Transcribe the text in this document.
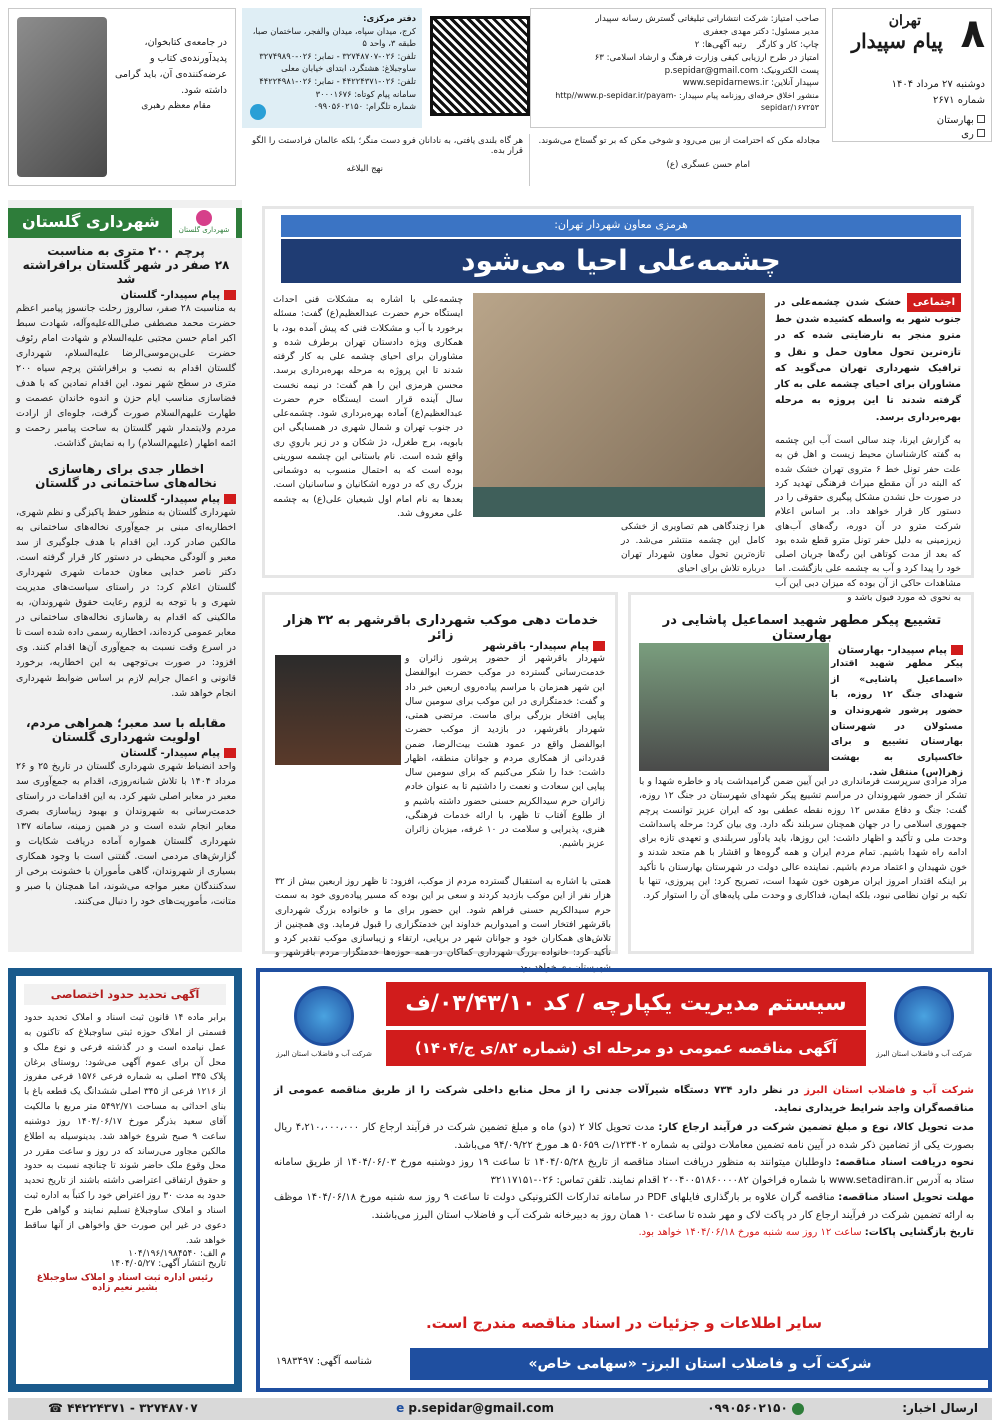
۸
تهران
پیام سپیدار
دوشنبه ۲۷ مرداد ۱۴۰۴
شماره ۲۶۷۱
بهارستان
ری
صاحب امتیاز: شرکت انتشاراتی تبلیغاتی گسترش رسانه سپیدار
مدیر مسئول: دکتر مهدی جعفری
چاپ: کار و کارگر    رتبه آگهی‌ها: ۲
امتیاز در طرح ارزیابی کیفی وزارت فرهنگ و ارشاد اسلامی: ۶۳
پست الکترونیک: p.sepidar@gmail.com
سپیدار آنلاین: www.sepidarnews.ir
منشور اخلاق حرفه‌ای روزنامه پیام سپیدار: http//www.p-sepidar.ir/payam-sepidar/۱۶۷۲۵۳
دفتر مرکزی:
کرج، میدان سپاه، میدان والفجر، ساختمان صبا، طبقه ۳، واحد ۵
تلفن: ۰۲۶-۳۲۷۴۸۷۰۷ - نمابر: ۰۲۶-۳۲۷۴۹۸۹۰
ساوجبلاغ: هشتگرد، ابتدای خیابان معلی
تلفن: ۰۲۶-۴۴۲۲۴۳۷۱ - نمابر: ۰۲۶-۴۴۲۲۴۹۸۱
سامانه پیام کوتاه: ۳۰۰۰۱۶۷۶
شماره تلگرام: ۰۹۹۰۵۶۰۲۱۵۰
در جامعه‌ی کتابخوان، پدیدآورنده‌ی کتاب و عرضه‌کننده‌ی آن، باید گرامی داشته شود.
مقام معظم رهبری
مجادله مکن که احترامت از بین می‌رود و شوخی مکن که بر تو گستاخ می‌شوند.
امام حسن عسگری (ع)
هر گاه بلندی یافتی، به نادانان فرو دست منگر؛ بلکه عالمان فرادستت را الگو قرار بده.
نهج البلاغه
شهرداری گلستان	شهرداری گلستان
پرچم ۲۰۰ متری به مناسبت
۲۸ صفر در شهر گلستان برافراشته شد
پیام سپیدار- گلستان
به مناسبت ۲۸ صفر، سالروز رحلت جانسوز پیامبر اعظم حضرت محمد مصطفی صلی‌الله‌علیه‌وآله، شهادت سبط اکبر امام حسن مجتبی علیه‌السلام و شهادت امام رئوف حضرت علی‌بن‌موسی‌الرضا علیه‌السلام، شهرداری گلستان اقدام به نصب و برافراشتن پرچم سیاه ۲۰۰ متری در سطح شهر نمود. این اقدام نمادین که با هدف فضاسازی مناسب ایام حزن و اندوه خاندان عصمت و طهارت علیهم‌السلام صورت گرفت، جلوه‌ای از ارادت مردم ولایتمدار شهر گلستان به ساحت پیامبر رحمت و ائمه اطهار (علیهم‌السلام) را به نمایش گذاشت.
اخطار جدی برای رهاسازی
نخاله‌های ساختمانی در گلستان
پیام سپیدار- گلستان
شهرداری گلستان به منظور حفظ پاکیزگی و نظم شهری، اخطاریه‌ای مبنی بر جمع‌آوری نخاله‌های ساختمانی به مالکین صادر کرد. این اقدام با هدف جلوگیری از سد معبر و آلودگی محیطی در دستور کار قرار گرفته است. دکتر ناصر خدایی معاون خدمات شهری شهرداری گلستان اعلام کرد: در راستای سیاست‌های مدیریت شهری و با توجه به لزوم رعایت حقوق شهروندان، به مالکینی که اقدام به رهاسازی نخاله‌های ساختمانی در معابر عمومی کرده‌اند، اخطاریه رسمی داده شده است تا در اسرع وقت نسبت به جمع‌آوری آن‌ها اقدام کنند. وی افزود: در صورت بی‌توجهی به این اخطاریه، برخورد قانونی و اعمال جرایم لازم بر اساس ضوابط شهرداری انجام خواهد شد.
مقابله با سد معبر؛ همراهی مردم،
اولویت شهرداری گلستان
پیام سپیدار- گلستان
واحد انضباط شهری شهرداری گلستان در تاریخ ۲۵ و ۲۶ مرداد ۱۴۰۴ با تلاش شبانه‌روزی، اقدام به جمع‌آوری سد معبر در معابر اصلی شهر کرد. به این اقدامات در راستای خدمت‌رسانی به شهروندان و بهبود زیباسازی بصری معابر انجام شده است و در همین زمینه، سامانه ۱۳۷ شهرداری گلستان همواره آماده دریافت شکایات و گزارش‌های مردمی است. گفتنی است با وجود همکاری بسیاری از شهروندان، گاهی مأموران با خشونت برخی از سدکنندگان معبر مواجه می‌شوند، اما همچنان با صبر و متانت، مأموریت‌های خود را دنبال می‌کنند.
هرمزی معاون شهردار تهران:
چشمه‌علی احیا می‌شود
اجتماعی خشک شدن چشمه‌علی در جنوب شهر به واسطه کشیده شدن خط مترو منجر به نارضایتی شده که در تازه‌ترین تحول معاون حمل و نقل و ترافیک شهرداری تهران می‌گوید که مشاوران برای احیای چشمه علی به کار گرفته شدند تا این پروژه به مرحله بهره‌برداری برسد.
به گزارش ایرنا، چند سالی است آب این چشمه به گفته کارشناسان محیط زیست و اهل فن به علت حفر تونل خط ۶ متروی تهران خشک شده که البته در آن مقطع میراث فرهنگی تهدید کرد در صورت حل نشدن مشکل پیگیری حقوقی را در دستور کار قرار خواهد داد. بر اساس اعلام شرکت مترو در آن دوره، رگه‌های آب‌های زیرزمینی به دلیل حفر تونل مترو قطع شده بود که بعد از مدت کوتاهی این رگه‌ها جریان اصلی خود را پیدا کرد و آب به چشمه علی بازگشت. اما مشاهدات حاکی از آن بوده که میزان دبی این آب به نحوی که مورد قبول باشد و
هرا زچندگاهی هم تصاویری از خشکی کامل این چشمه منتشر می‌شد. در تازه‌ترین تحول معاون شهردار تهران درباره تلاش برای احیای
چشمه‌علی با اشاره به مشکلات فنی احداث ایستگاه حرم حضرت عبدالعظیم(ع) گفت: مسئله برخورد با آب و مشکلات فنی که پیش آمده بود، با همکاری ویژه دادستان تهران برطرف شده و مشاوران برای احیای چشمه علی به کار گرفته شدند تا این پروژه به مرحله بهره‌برداری برسد. محسن هرمزی این را هم گفت: در نیمه نخست سال آینده قرار است ایستگاه حرم حضرت عبدالعظیم(ع) آماده بهره‌برداری شود. چشمه‌علی در جنوب تهران و شمال شهری در همسایگی ابن بابویه، برج طغرل، دژ شکان و در زیر بارویِ ری واقع شده است. نام باستانی این چشمه سورینی بوده است که به احتمال منسوب به دوشمانی بزرگ ری که در دوره اشکانیان و ساسانیان است. بعدها به نام امام اول شیعیان علی(ع) به چشمه علی معروف شد.
تشییع پیکر مطهر شهید اسماعیل پاشایی در بهارستان
پیام سپیدار- بهارستان
پیکر مطهر شهید اقتدار «اسماعیل پاشایی» از شهدای جنگ ۱۲ روزه، با حضور پرشور شهروندان و مسئولان در شهرستان بهارستان تشییع و برای خاکسپاری به بهشت زهرا(س) منتقل شد.
مراد مرادی سرپرست فرمانداری در این آیین ضمن گرامیداشت یاد و خاطره شهدا و با تشکر از حضور شهروندان در مراسم تشییع پیکر شهدای شهرستان در جنگ ۱۲ روزه، گفت: جنگ و دفاع مقدس ۱۲ روزه نقطه عطفی بود که ایران عزیز توانست پرچم جمهوری اسلامی را در جهان همچنان سربلند نگه دارد. وی بیان کرد: مرحله پاسداشت وحدت ملی و تأکید و اظهار داشت: این روزها، باید یادآور سربلندی و تعهدی تازه برای ادامه راه شهدا باشیم. تمام مردم ایران و همه گروه‌ها و اقشار با هم متحد شدند و خون شهیدان و اعتماد مردم باشیم. نماینده عالی دولت در شهرستان بهارستان با تأکید بر اینکه اقتدار امروز ایران مرهون خون شهدا است، تصریح کرد: این پیروزی، تنها با تکیه بر توان نظامی نبود، بلکه ایمان، فداکاری و وحدت ملی پایه‌های آن را استوار کرد.
خدمات دهی موکب شهرداری باقرشهر به ۳۲ هزار زائر
پیام سپیدار- باقرشهر
شهردار باقرشهر از حضور پرشور زائران و خدمت‌رسانی گسترده در موکب حضرت ابوالفضل این شهر همزمان با مراسم پیاده‌روی اربعین خبر داد و گفت: خدمتگزاری در این موکب برای سومین سال پیاپی افتخار بزرگی برای ماست. مرتضی همتی، شهردار باقرشهر، در بازدید از موکب حضرت ابوالفضل واقع در عمود هشت بیت‌الرضا، ضمن قدردانی از همکاری مردم و جوانان منطقه، اظهار داشت: خدا را شکر می‌کنیم که برای سومین سال پیاپی این سعادت و نعمت را داشتیم تا به عنوان خادم زائران حرم سیدالکریم حسنی حضور داشته باشیم و از طلوع آفتاب تا ظهر، با ارائه خدمات فرهنگی، هنری، پذیرایی و سلامت در ۱۰ غرفه، میزبان زائران عزیز باشیم.
همتی با اشاره به استقبال گسترده مردم از موکب، افزود: تا ظهر روز اربعین بیش از ۳۲ هزار نفر از این موکب بازدید کردند و سعی بر این بوده که مسیر پیاده‌روی خود به سمت حرم سیدالکریم حسنی فراهم شود. این حضور برای ما و خانواده بزرگ شهرداری باقرشهر افتخار است و امیدواریم خداوند این خدمتگزاری را قبول فرماید. وی همچنین از تلاش‌های همکاران خود و جوانان شهر در برپایی، ارتقاء و زیباسازی موکب تقدیر کرد و تأکید کرد: خانواده بزرگ شهرداری کماکان در همه حوزه‌ها خدمتگزار مردم باقرشهر و شهرستان ری خواهد بود.
آگهی تحدید حدود اختصاصی
برابر ماده ۱۴ قانون ثبت اسناد و املاک تحدید حدود قسمتی از املاک حوزه ثبتی ساوجبلاغ که تاکنون به عمل نیامده است و در گذشته فرعی و نوع ملک و محل آن برای عموم آگهی می‌شود: روستای برغان پلاک ۳۴۵ اصلی به شماره فرعی ۱۵۷۶ فرعی مفروز از ۱۲۱۶ فرعی از ۳۴۵ اصلی ششدانگ یک قطعه باغ با بنای احداثی به مساحت ۵۴۹۲/۷۱ متر مربع با مالکیت آقای سعید بذرگر مورخ ۱۴۰۴/۰۶/۱۷ روز دوشنبه ساعت ۹ صبح شروع خواهد شد. بدینوسیله به اطلاع مالکین مجاور می‌رساند که در روز و ساعت مقرر در محل وقوع ملک حاضر شوند تا چنانچه نسبت به حدود و حقوق ارتفاقی اعتراضی داشته باشند از تاریخ تحدید حدود به مدت ۳۰ روز اعتراض خود را کتباً به اداره ثبت اسناد و املاک ساوجبلاغ تسلیم نمایند و گواهی طرح دعوی در غیر این صورت حق واخواهی از آنها ساقط خواهد شد.
م الف: ۱۰۴/۱۹۶/۱۹۸۴۵۴۰
تاریخ انتشار آگهی: ۱۴۰۴/۰۵/۲۷
رئیس اداره ثبت اسناد و املاک ساوجبلاغ
بشیر نعیم زاده
سیستم مدیریت یکپارچه / کد ۰۳/۴۳/۱۰/ف
آگهی مناقصه عمومی دو مرحله ای (شماره ۸۲/ی ج/۱۴۰۴)	شرکت آب و فاضلاب استان البرز
شرکت آب و فاضلاب استان البرز
شرکت آب و فاضلاب استان البرز در نظر دارد ۷۳۴ دستگاه شیرآلات جدنی را از محل منابع داخلی شرکت را از طریق مناقصه عمومی از مناقصه‌گران واجد شرایط خریداری نماید.
مدت تحویل کالا، نوع و مبلغ تضمین شرکت در فرآیند ارجاع کار: مدت تحویل کالا ۲ (دو) ماه و مبلغ تضمین شرکت در فرآیند ارجاع کار ۴،۲۱۰،۰۰۰،۰۰۰ ریال بصورت یکی از تضامین ذکر شده در آیین نامه تضمین معاملات دولتی به شماره ۱۲۳۴۰۲/ت ۵۰۶۵۹ هـ مورخ ۹۴/۰۹/۲۲ می‌باشد.
نحوه دریافت اسناد مناقصه: داوطلبان میتوانند به منظور دریافت اسناد مناقصه از تاریخ ۱۴۰۴/۰۵/۲۸ تا ساعت ۱۹ روز دوشنبه مورخ ۱۴۰۴/۰۶/۰۳ از طریق سامانه ستاد به آدرس www.setadiran.ir با شماره فراخوان ۲۰۰۴۰۰۵۱۸۶۰۰۰۰۸۲ اقدام نمایند. تلفن تماس: ۰۲۶-۳۲۱۱۷۱۵۱
مهلت تحویل اسناد مناقصه: مناقصه گران علاوه بر بارگذاری فایلهای PDF در سامانه تدارکات الکترونیکی دولت تا ساعت ۹ روز سه شنبه مورخ ۱۴۰۴/۰۶/۱۸ موظف به ارائه تضمین شرکت در فرآیند ارجاع کار در پاکت لاک و مهر شده تا ساعت ۱۰ همان روز به دبیرخانه شرکت آب و فاضلاب استان البرز می‌باشند.
تاریخ بازگشایی پاکات: ساعت ۱۲ روز سه شنبه مورخ ۱۴۰۴/۰۶/۱۸ خواهد بود.
سایر اطلاعات و جزئیات در اسناد مناقصه مندرج است.
شرکت آب و فاضلاب استان البرز- «سهامی خاص»
شناسه آگهی: ۱۹۸۳۴۹۷
ارسال اخبار:
۰۹۹۰۵۶۰۲۱۵۰
e p.sepidar@gmail.com
۳۲۷۴۸۷۰۷ - ۴۴۲۲۴۳۷۱ ☎
